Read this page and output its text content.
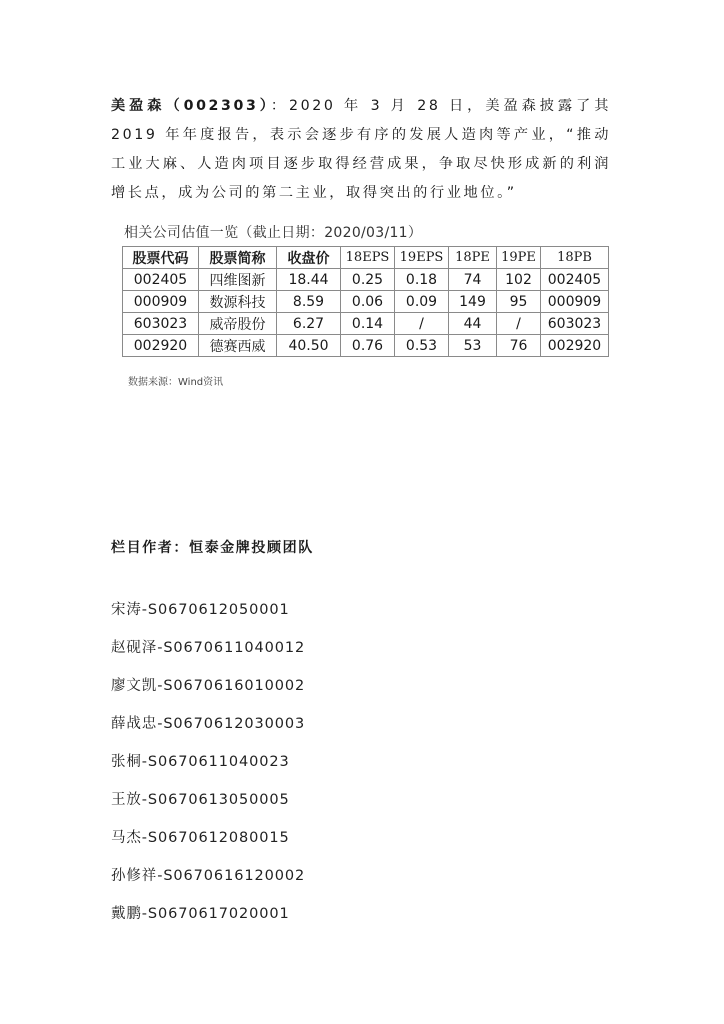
美盈森（002303）：2020 年 3 月 28 日，美盈森披露了其 2019 年年度报告，表示会逐步有序的发展人造肉等产业，“推动工业大麻、人造肉项目逐步取得经营成果，争取尽快形成新的利润增长点，成为公司的第二主业，取得突出的行业地位。”

相关公司估值一览（截止日期：2020/03/11）
股票代码	股票简称	收盘价	18EPS	19EPS	18PE	19PE	18PB
002405	四维图新	18.44	0.25	0.18	74	102	002405
000909	数源科技	8.59	0.06	0.09	149	95	000909
603023	威帝股份	6.27	0.14	/	44	/	603023
002920	德赛西威	40.50	0.76	0.53	53	76	002920
数据来源：Wind资讯
栏目作者：恒泰金牌投顾团队
宋涛-S0670612050001
赵砚泽-S0670611040012
廖文凯-S0670616010002
薛战忠-S0670612030003
张桐-S0670611040023
王放-S0670613050005
马杰-S0670612080015
孙修祥-S0670616120002
戴鹏-S0670617020001
